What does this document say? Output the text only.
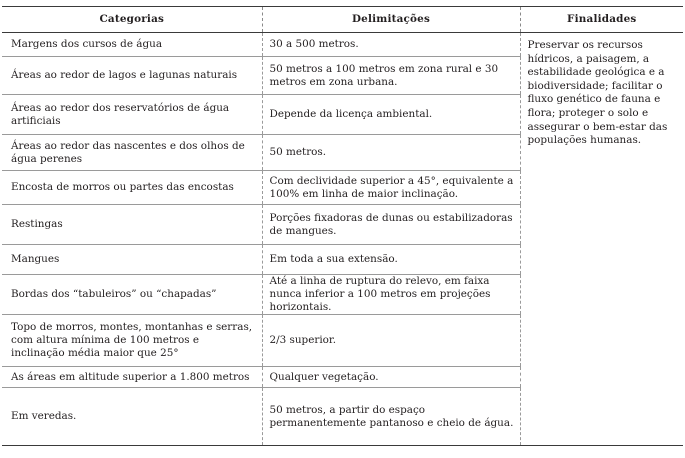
Categorias	Delimitações	Finalidades
Margens dos cursos de água	30 a 500 metros.	Preservar os recursos hídricos, a paisagem, a estabilidade geológica e a biodiversidade; facilitar o fluxo genético de fauna e flora; proteger o solo e assegurar o bem-estar das populações humanas.
Áreas ao redor de lagos e lagunas naturais	50 metros a 100 metros em zona rural e 30 metros em zona urbana.	
Áreas ao redor dos reservatórios de água artificiais	Depende da licença ambiental.	
Áreas ao redor das nascentes e dos olhos de água perenes	50 metros.	
Encosta de morros ou partes das encostas	Com declividade superior a 45°, equivalente a 100% em linha de maior inclinação.	
Restingas	Porções fixadoras de dunas ou estabilizadoras de mangues.	
Mangues	Em toda a sua extensão.	
Bordas dos “tabuleiros” ou “chapadas”	Até a linha de ruptura do relevo, em faixa nunca inferior a 100 metros em projeções horizontais.	
Topo de morros, montes, montanhas e serras, com altura mínima de 100 metros e inclinação média maior que 25°	2/3 superior.	
As áreas em altitude superior a 1.800 metros	Qualquer vegetação.	
Em veredas.	50 metros, a partir do espaço permanentemente pantanoso e cheio de água.	
